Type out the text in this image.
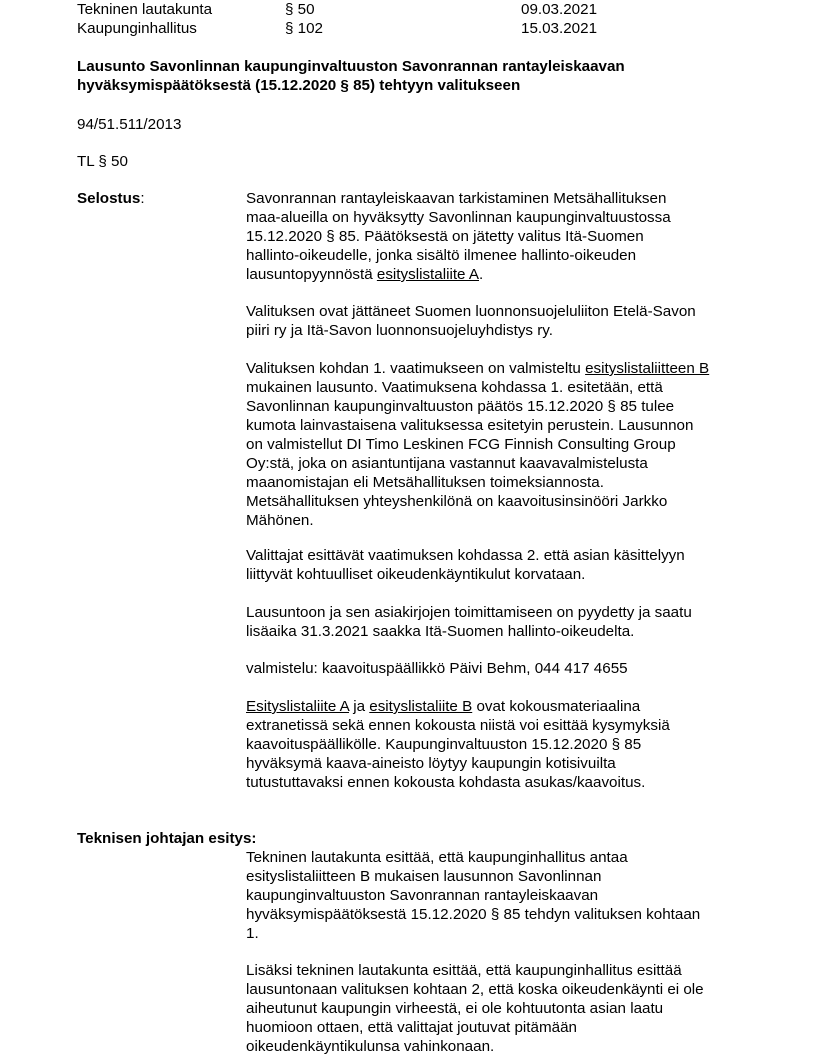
Tekninen lautakunta	§ 50	09.03.2021
Kaupunginhallitus	§ 102	15.03.2021
Lausunto Savonlinnan kaupunginvaltuuston Savonrannan rantayleiskaavan
hyväksymispäätöksestä (15.12.2020 § 85) tehtyyn valitukseen
94/51.511/2013
TL § 50
Selostus:	Savonrannan rantayleiskaavan tarkistaminen Metsähallituksen
maa-alueilla on hyväksytty Savonlinnan kaupunginvaltuustossa
15.12.2020 § 85. Päätöksestä on jätetty valitus Itä-Suomen
hallinto-oikeudelle, jonka sisältö ilmenee hallinto-oikeuden
lausuntopyynnöstä esityslistaliite A.
Valituksen ovat jättäneet Suomen luonnonsuojeluliiton Etelä-Savon
piiri ry ja Itä-Savon luonnonsuojeluyhdistys ry.
Valituksen kohdan 1. vaatimukseen on valmisteltu esityslistaliitteen B
mukainen lausunto. Vaatimuksena kohdassa 1. esitetään, että
Savonlinnan kaupunginvaltuuston päätös 15.12.2020 § 85 tulee
kumota lainvastaisena valituksessa esitetyin perustein. Lausunnon
on valmistellut DI Timo Leskinen FCG Finnish Consulting Group
Oy:stä, joka on asiantuntijana vastannut kaavavalmistelusta
maanomistajan eli Metsähallituksen toimeksiannosta.
Metsähallituksen yhteyshenkilönä on kaavoitusinsinööri Jarkko
Mähönen.
Valittajat esittävät vaatimuksen kohdassa 2. että asian käsittelyyn
liittyvät kohtuulliset oikeudenkäyntikulut korvataan.
Lausuntoon ja sen asiakirjojen toimittamiseen on pyydetty ja saatu
lisäaika 31.3.2021 saakka Itä-Suomen hallinto-oikeudelta.
valmistelu: kaavoituspäällikkö Päivi Behm, 044 417 4655
Esityslistaliite A ja esityslistaliite B ovat kokousmateriaalina
extranetissä sekä ennen kokousta niistä voi esittää kysymyksiä
kaavoituspäällikölle. Kaupunginvaltuuston 15.12.2020 § 85
hyväksymä kaava-aineisto löytyy kaupungin kotisivuilta
tutustuttavaksi ennen kokousta kohdasta asukas/kaavoitus.
Teknisen johtajan esitys:
Tekninen lautakunta esittää, että kaupunginhallitus antaa
esityslistaliitteen B mukaisen lausunnon Savonlinnan
kaupunginvaltuuston Savonrannan rantayleiskaavan
hyväksymispäätöksestä 15.12.2020 § 85 tehdyn valituksen kohtaan
1.
Lisäksi tekninen lautakunta esittää, että kaupunginhallitus esittää
lausuntonaan valituksen kohtaan 2, että koska oikeudenkäynti ei ole
aiheutunut kaupungin virheestä, ei ole kohtuutonta asian laatu
huomioon ottaen, että valittajat joutuvat pitämään
oikeudenkäyntikulunsa vahinkonaan.
